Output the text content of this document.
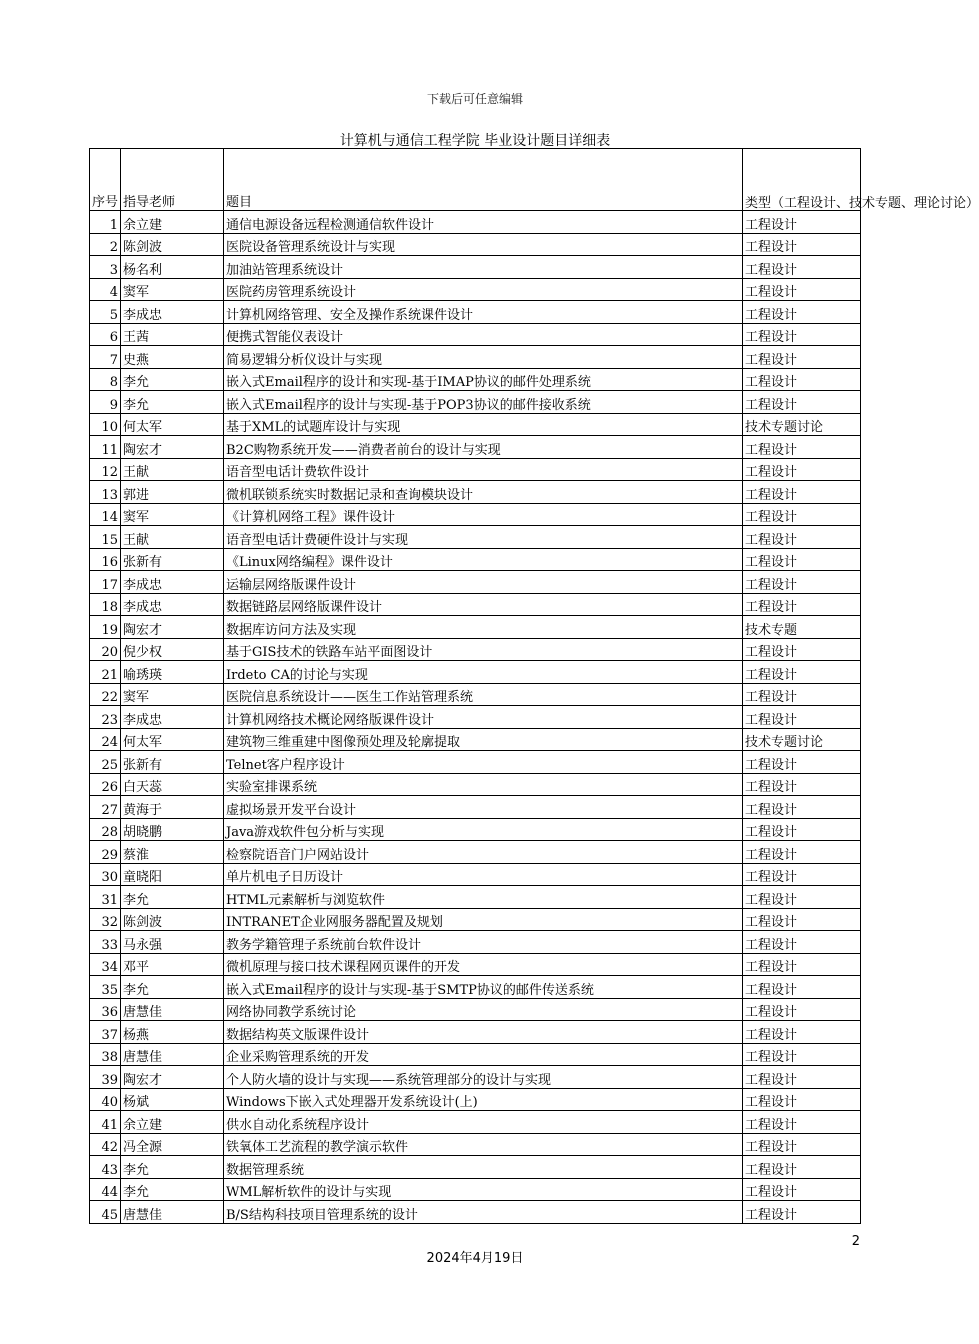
下载后可任意编辑
计算机与通信工程学院 毕业设计题目详细表
序号	指导老师	题目	类型（工程设计、技术专题、理论讨论）
1	余立建	通信电源设备远程检测通信软件设计	工程设计
2	陈剑波	医院设备管理系统设计与实现	工程设计
3	杨名利	加油站管理系统设计	工程设计
4	窦军	医院药房管理系统设计	工程设计
5	李成忠	计算机网络管理、安全及操作系统课件设计	工程设计
6	王茜	便携式智能仪表设计	工程设计
7	史燕	简易逻辑分析仪设计与实现	工程设计
8	李允	嵌入式Email程序的设计和实现-基于IMAP协议的邮件处理系统	工程设计
9	李允	嵌入式Email程序的设计与实现-基于POP3协议的邮件接收系统	工程设计
10	何太军	基于XML的试题库设计与实现	技术专题讨论
11	陶宏才	B2C购物系统开发——消费者前台的设计与实现	工程设计
12	王献	语音型电话计费软件设计	工程设计
13	郭进	微机联锁系统实时数据记录和查询模块设计	工程设计
14	窦军	《计算机网络工程》课件设计	工程设计
15	王献	语音型电话计费硬件设计与实现	工程设计
16	张新有	《Linux网络编程》课件设计	工程设计
17	李成忠	运输层网络版课件设计	工程设计
18	李成忠	数据链路层网络版课件设计	工程设计
19	陶宏才	数据库访问方法及实现	技术专题
20	倪少权	基于GIS技术的铁路车站平面图设计	工程设计
21	喻琇瑛	Irdeto CA的讨论与实现	工程设计
22	窦军	医院信息系统设计——医生工作站管理系统	工程设计
23	李成忠	计算机网络技术概论网络版课件设计	工程设计
24	何太军	建筑物三维重建中图像预处理及轮廓提取	技术专题讨论
25	张新有	Telnet客户程序设计	工程设计
26	白天蕊	实验室排课系统	工程设计
27	黄海于	虚拟场景开发平台设计	工程设计
28	胡晓鹏	Java游戏软件包分析与实现	工程设计
29	蔡淮	检察院语音门户网站设计	工程设计
30	童晓阳	单片机电子日历设计	工程设计
31	李允	HTML元素解析与浏览软件	工程设计
32	陈剑波	INTRANET企业网服务器配置及规划	工程设计
33	马永强	教务学籍管理子系统前台软件设计	工程设计
34	邓平	微机原理与接口技术课程网页课件的开发	工程设计
35	李允	嵌入式Email程序的设计与实现-基于SMTP协议的邮件传送系统	工程设计
36	唐慧佳	网络协同教学系统讨论	工程设计
37	杨燕	数据结构英文版课件设计	工程设计
38	唐慧佳	企业采购管理系统的开发	工程设计
39	陶宏才	个人防火墙的设计与实现——系统管理部分的设计与实现	工程设计
40	杨斌	Windows下嵌入式处理器开发系统设计(上)	工程设计
41	余立建	供水自动化系统程序设计	工程设计
42	冯全源	铁氧体工艺流程的教学演示软件	工程设计
43	李允	数据管理系统	工程设计
44	李允	WML解析软件的设计与实现	工程设计
45	唐慧佳	B/S结构科技项目管理系统的设计	工程设计
2
2024年4月19日
